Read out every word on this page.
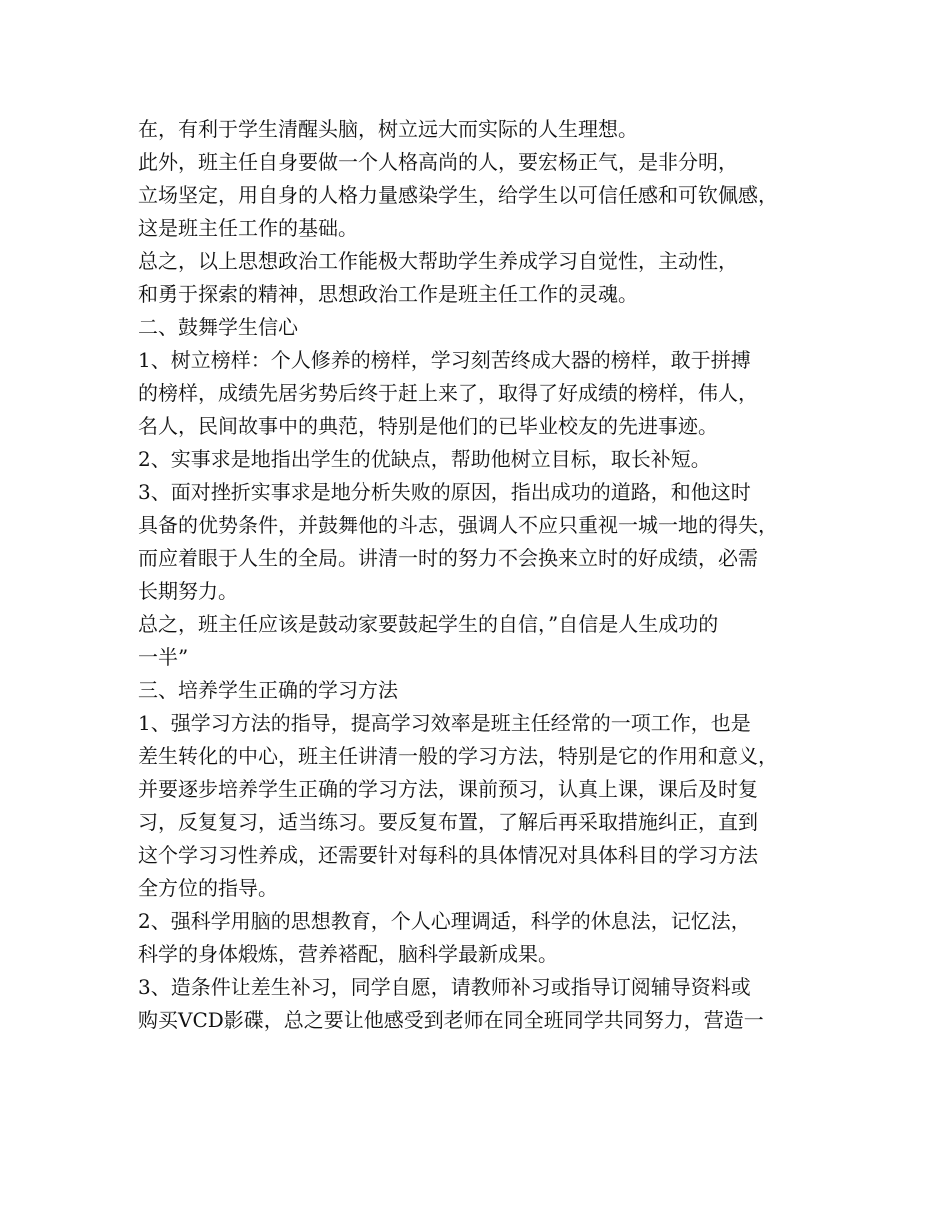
在，有利于学生清醒头脑，树立远大而实际的人生理想。
此外，班主任自身要做一个人格高尚的人，要宏杨正气，是非分明，
立场坚定，用自身的人格力量感染学生，给学生以可信任感和可钦佩感，
这是班主任工作的基础。
总之，以上思想政治工作能极大帮助学生养成学习自觉性，主动性，
和勇于探索的精神，思想政治工作是班主任工作的灵魂。
二、鼓舞学生信心
1、树立榜样：个人修养的榜样，学习刻苦终成大器的榜样，敢于拼搏
的榜样，成绩先居劣势后终于赶上来了，取得了好成绩的榜样，伟人，
名人，民间故事中的典范，特别是他们的已毕业校友的先进事迹。
2、实事求是地指出学生的优缺点，帮助他树立目标，取长补短。
3、面对挫折实事求是地分析失败的原因，指出成功的道路，和他这时
具备的优势条件，并鼓舞他的斗志，强调人不应只重视一城一地的得失，
而应着眼于人生的全局。讲清一时的努力不会换来立时的好成绩，必需
长期努力。
总之，班主任应该是鼓动家要鼓起学生的自信，”自信是人生成功的
一半”
三、培养学生正确的学习方法
1、强学习方法的指导，提高学习效率是班主任经常的一项工作，也是
差生转化的中心，班主任讲清一般的学习方法，特别是它的作用和意义，
并要逐步培养学生正确的学习方法，课前预习，认真上课，课后及时复
习，反复复习，适当练习。要反复布置，了解后再采取措施纠正，直到
这个学习习性养成，还需要针对每科的具体情况对具体科目的学习方法
全方位的指导。
2、强科学用脑的思想教育，个人心理调适，科学的休息法，记忆法，
科学的身体煅炼，营养褡配，脑科学最新成果。
3、造条件让差生补习，同学自愿，请教师补习或指导订阅辅导资料或
购买VCD影碟，总之要让他感受到老师在同全班同学共同努力，营造一
